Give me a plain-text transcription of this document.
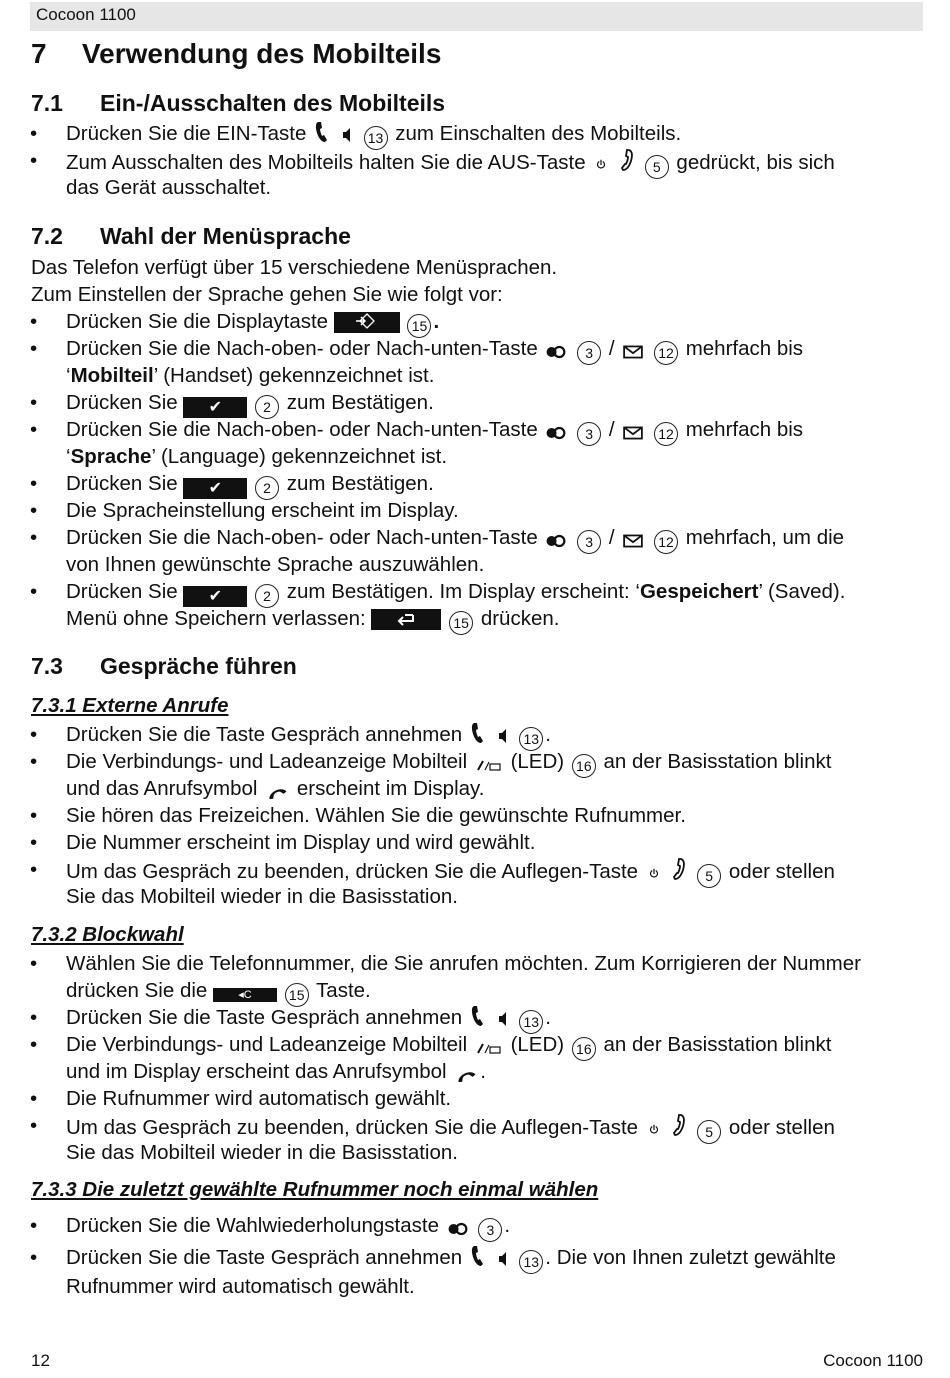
Cocoon 1100
7 Verwendung des Mobilteils
7.1 Ein-/Ausschalten des Mobilteils
• Drücken Sie die EIN-Taste	13 zum Einschalten des Mobilteils.
• Zum Ausschalten des Mobilteils halten Sie die AUS-Taste	5 gedrückt, bis sich
das Gerät ausschaltet.
7.2 Wahl der Menüsprache
Das Telefon verfügt über 15 verschiedene Menüsprachen.
Zum Einstellen der Sprache gehen Sie wie folgt vor:
• Drücken Sie die Displaytaste	15 .
• Drücken Sie die Nach-oben- oder Nach-unten-Taste	3 /	12 mehrfach bis
‘Mobilteil’ (Handset) gekennzeichnet ist.
• Drücken Sie ✔	2 zum Bestätigen.
• Drücken Sie die Nach-oben- oder Nach-unten-Taste	3 /	12 mehrfach bis
‘Sprache’ (Language) gekennzeichnet ist.
• Drücken Sie ✔	2 zum Bestätigen.
• Die Spracheinstellung erscheint im Display.
• Drücken Sie die Nach-oben- oder Nach-unten-Taste	3 /	12 mehrfach, um die
von Ihnen gewünschte Sprache auszuwählen.
• Drücken Sie ✔	2 zum Bestätigen. Im Display erscheint: ‘Gespeichert’ (Saved).
Menü ohne Speichern verlassen:	15 drücken.
7.3 Gespräche führen
7.3.1 Externe Anrufe
• Drücken Sie die Taste Gespräch annehmen	13 .
• Die Verbindungs- und Ladeanzeige Mobilteil (LED) 16 an der Basisstation blinkt
und das Anrufsymbol erscheint im Display.
• Sie hören das Freizeichen. Wählen Sie die gewünschte Rufnummer.
• Die Nummer erscheint im Display und wird gewählt.
• Um das Gespräch zu beenden, drücken Sie die Auflegen-Taste	5 oder stellen
Sie das Mobilteil wieder in die Basisstation.
7.3.2 Blockwahl
• Wählen Sie die Telefonnummer, die Sie anrufen möchten. Zum Korrigieren der Nummer
drücken Sie die	◂C	15 Taste.
• Drücken Sie die Taste Gespräch annehmen	13 .
• Die Verbindungs- und Ladeanzeige Mobilteil (LED) 16 an der Basisstation blinkt
und im Display erscheint das Anrufsymbol .
• Die Rufnummer wird automatisch gewählt.
• Um das Gespräch zu beenden, drücken Sie die Auflegen-Taste	5 oder stellen
Sie das Mobilteil wieder in die Basisstation.
7.3.3 Die zuletzt gewählte Rufnummer noch einmal wählen
• Drücken Sie die Wahlwiederholungstaste	3 .
• Drücken Sie die Taste Gespräch annehmen	13 . Die von Ihnen zuletzt gewählte
Rufnummer wird automatisch gewählt.
12	Cocoon 1100
